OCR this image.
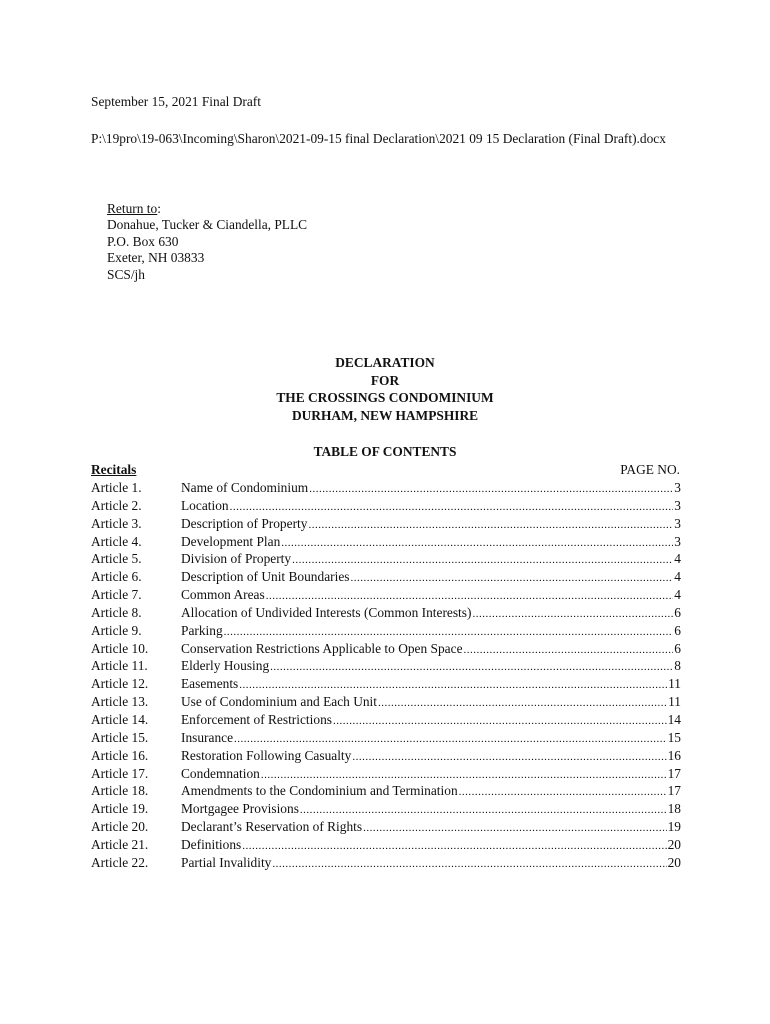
September 15, 2021 Final Draft
P:\19pro\19-063\Incoming\Sharon\2021-09-15 final Declaration\2021 09 15 Declaration (Final Draft).docx
Return to:
Donahue, Tucker & Ciandella, PLLC
P.O. Box 630
Exeter, NH 03833
SCS/jh
DECLARATION
FOR
THE CROSSINGS CONDOMINIUM
DURHAM, NEW HAMPSHIRE
TABLE OF CONTENTS
Recitals	PAGE NO.
Article 1.	Name of Condominium .....	3
Article 2.	Location .....	3
Article 3.	Description of Property .....	3
Article 4.	Development Plan .....	3
Article 5.	Division of Property .....	4
Article 6.	Description of Unit Boundaries .....	4
Article 7.	Common Areas .....	4
Article 8.	Allocation of Undivided Interests (Common Interests) .....	6
Article 9.	Parking .....	6
Article 10.	Conservation Restrictions Applicable to Open Space .....	6
Article 11.	Elderly Housing .....	8
Article 12.	Easements .....	11
Article 13.	Use of Condominium and Each Unit .....	11
Article 14.	Enforcement of Restrictions .....	14
Article 15.	Insurance .....	15
Article 16.	Restoration Following Casualty .....	16
Article 17.	Condemnation .....	17
Article 18.	Amendments to the Condominium and Termination .....	17
Article 19.	Mortgagee Provisions .....	18
Article 20.	Declarant’s Reservation of Rights .....	19
Article 21.	Definitions .....	20
Article 22.	Partial Invalidity .....	20
